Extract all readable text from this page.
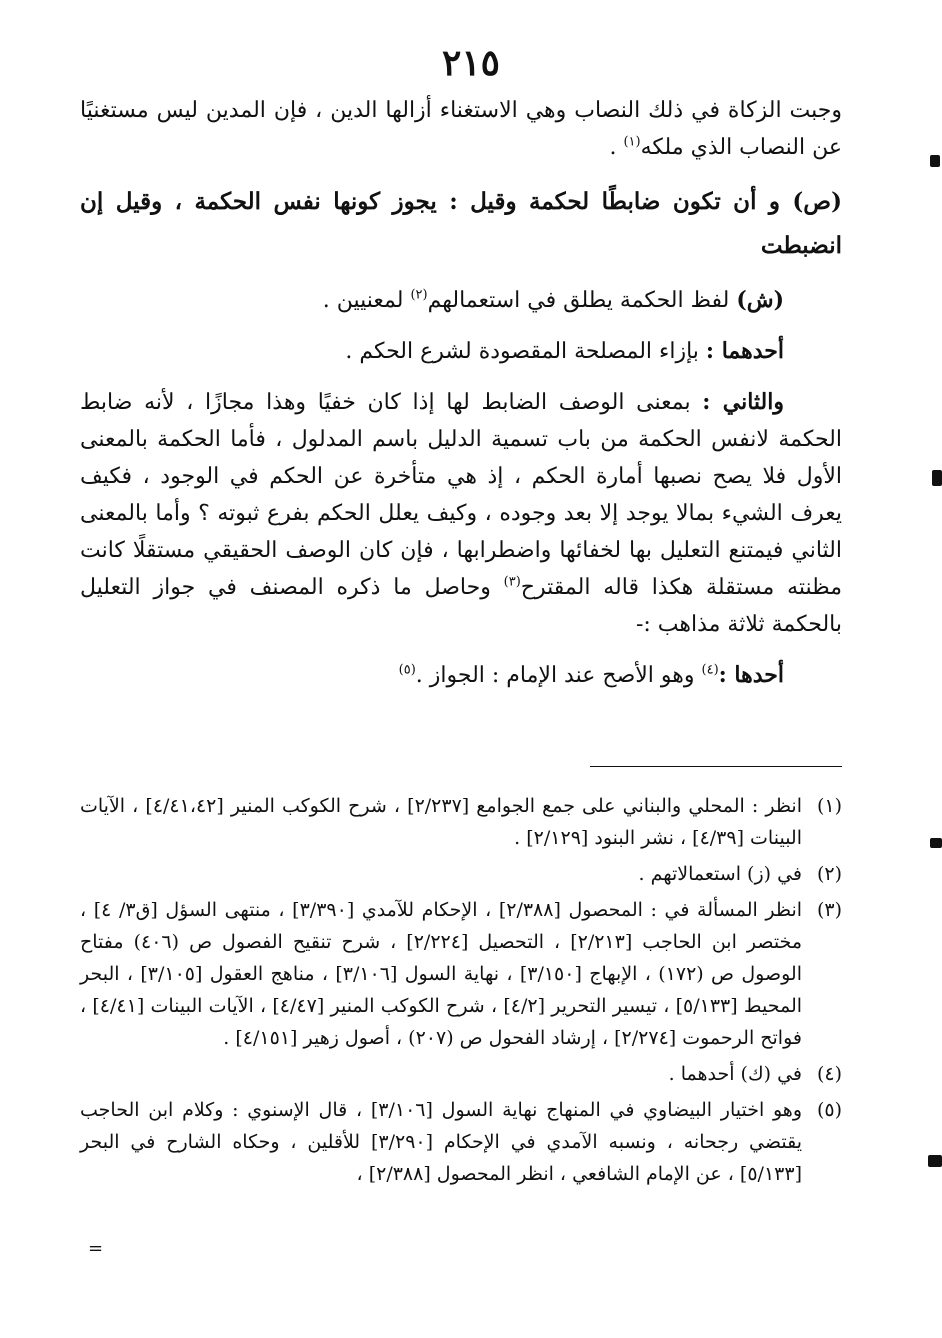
٢١٥

وجبت الزكاة في ذلك النصاب وهي الاستغناء أزالها الدين ، فإن المدين ليس مستغنيًا عن النصاب الذي ملكه$^{(١)}$ .

(ص) و أن تكون ضابطًا لحكمة وقيل : يجوز كونها نفس الحكمة ، وقيل إن انضبطت

(ش) لفظ الحكمة يطلق في استعمالهم$^{(٢)}$ لمعنيين .

أحدهما : بإزاء المصلحة المقصودة لشرع الحكم .

والثاني : بمعنى الوصف الضابط لها إذا كان خفيًا وهذا مجازًا ، لأنه ضابط الحكمة لانفس الحكمة من باب تسمية الدليل باسم المدلول ، فأما الحكمة بالمعنى الأول فلا يصح نصبها أمارة الحكم ، إذ هي متأخرة عن الحكم في الوجود ، فكيف يعرف الشيء بمالا يوجد إلا بعد وجوده ، وكيف يعلل الحكم بفرع ثبوته ؟ وأما بالمعنى الثاني فيمتنع التعليل بها لخفائها واضطرابها ، فإن كان الوصف الحقيقي مستقلًا كانت مظنته مستقلة هكذا قاله المقترح$^{(٣)}$ وحاصل ما ذكره المصنف في جواز التعليل بالحكمة ثلاثة مذاهب :-

أحدها :$^{(٤)}$ وهو الأصح عند الإمام : الجواز .$^{(٥)}$

(١)
انظر : المحلي والبناني على جمع الجوامع [٢/٢٣٧] ، شرح الكوكب المنير [٤/٤١،٤٢] ، الآيات البينات [٤/٣٩] ، نشر البنود [٢/١٢٩] .

(٢)
في (ز) استعمالاتهم .

(٣)
انظر المسألة في : المحصول [٢/٣٨٨] ، الإحكام للآمدي [٣/٣٩٠] ، منتهى السؤل [ق٣/ ٤] ، مختصر ابن الحاجب [٢/٢١٣] ، التحصيل [٢/٢٢٤] ، شرح تنقيح الفصول ص (٤٠٦) مفتاح الوصول ص (١٧٢) ، الإبهاج [٣/١٥٠] ، نهاية السول [٣/١٠٦] ، مناهج العقول [٣/١٠٥] ، البحر المحيط [٥/١٣٣] ، تيسير التحرير [٤/٢] ، شرح الكوكب المنير [٤/٤٧] ، الآيات البينات [٤/٤١] ، فواتح الرحموت [٢/٢٧٤] ، إرشاد الفحول ص (٢٠٧) ، أصول زهير [٤/١٥١] .

(٤)
في (ك) أحدهما .

(٥)
وهو اختيار البيضاوي في المنهاج نهاية السول [٣/١٠٦] ، قال الإسنوي : وكلام ابن الحاجب يقتضي رجحانه ، ونسبه الآمدي في الإحكام [٣/٢٩٠] للأقلين ، وحكاه الشارح في البحر [٥/١٣٣] ، عن الإمام الشافعي ، انظر المحصول [٢/٣٨٨] ،

=
